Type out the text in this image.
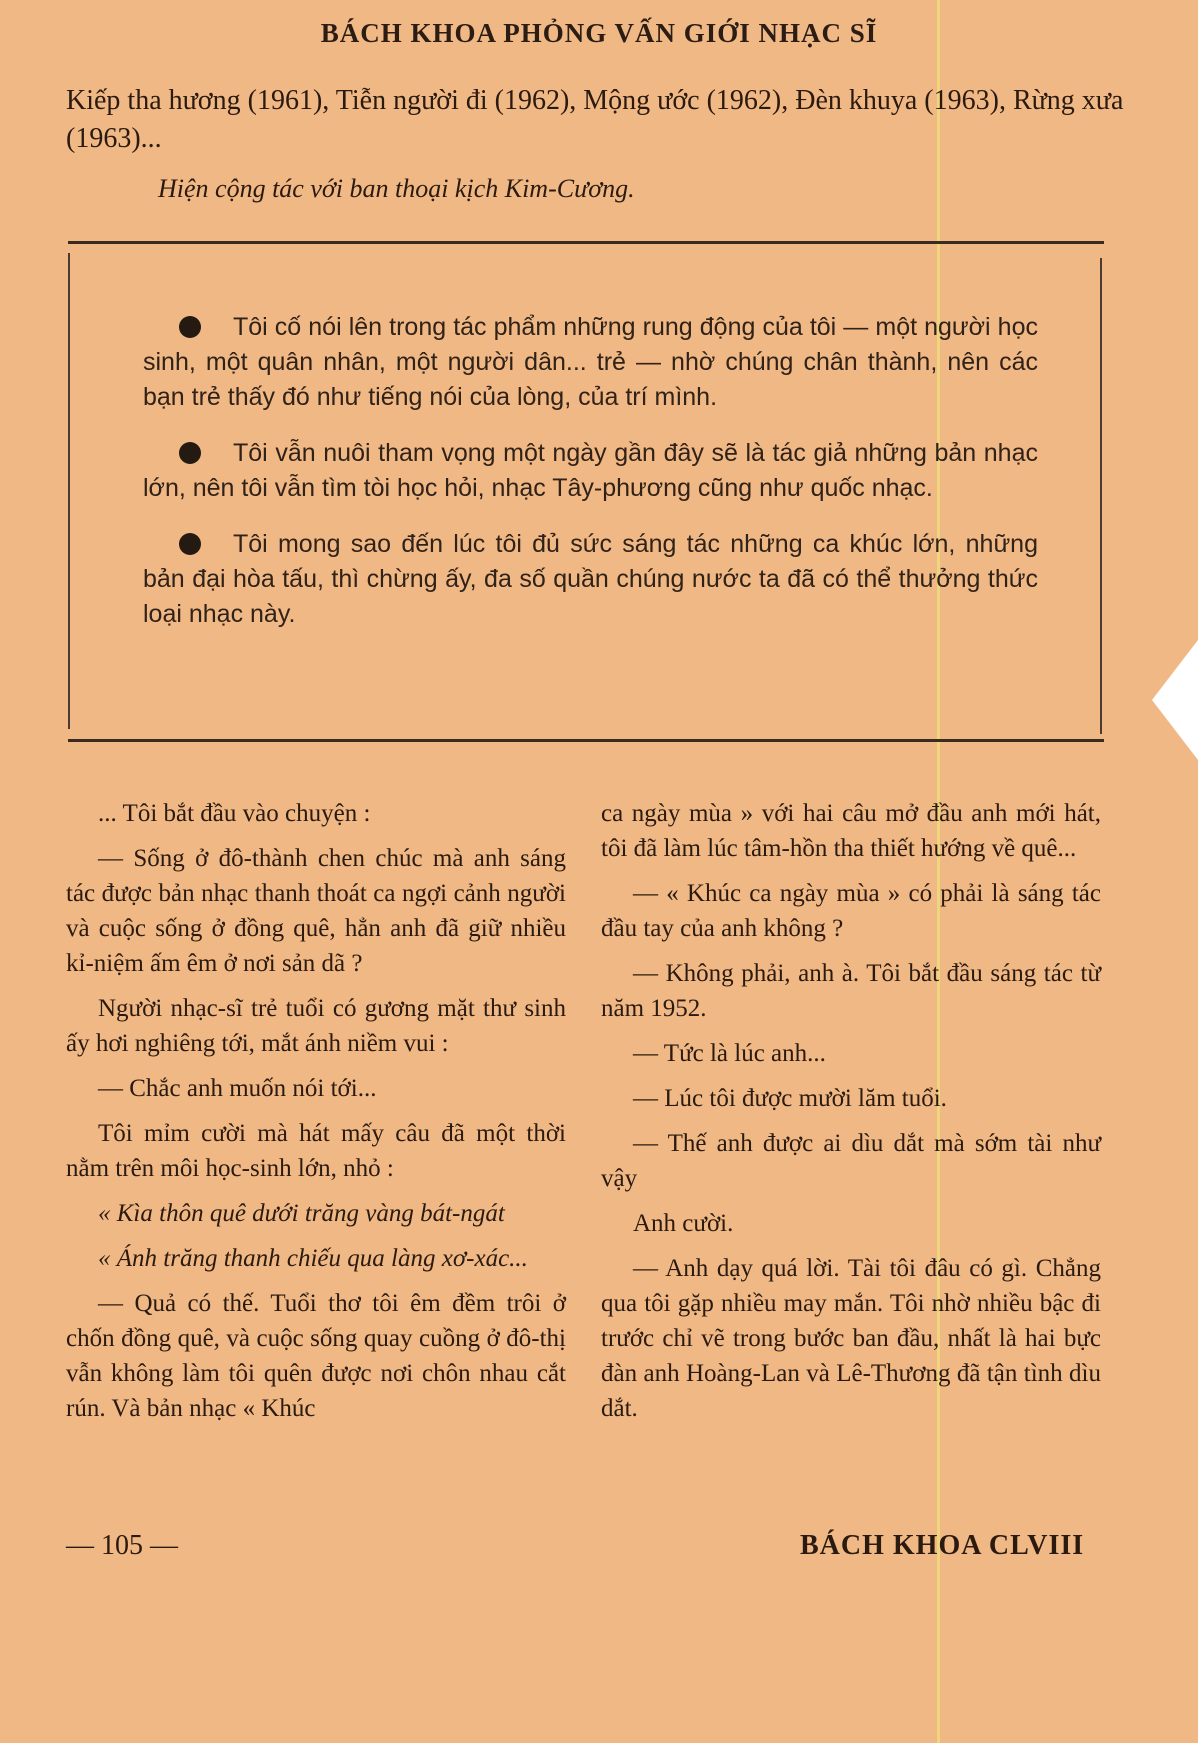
BÁCH KHOA PHỎNG VẤN GIỚI NHẠC SĨ

Kiếp tha hương (1961), Tiễn người đi (1962), Mộng ước (1962), Đèn khuya (1963), Rừng xưa (1963)...

Hiện cộng tác với ban thoại kịch Kim-Cương.

Tôi cố nói lên trong tác phẩm những rung động của tôi — một người học sinh, một quân nhân, một người dân... trẻ — nhờ chúng chân thành, nên các bạn trẻ thấy đó như tiếng nói của lòng, của trí mình.

Tôi vẫn nuôi tham vọng một ngày gần đây sẽ là tác giả những bản nhạc lớn, nên tôi vẫn tìm tòi học hỏi, nhạc Tây-phương cũng như quốc nhạc.

Tôi mong sao đến lúc tôi đủ sức sáng tác những ca khúc lớn, những bản đại hòa tấu, thì chừng ấy, đa số quần chúng nước ta đã có thể thưởng thức loại nhạc này.

... Tôi bắt đầu vào chuyện :

— Sống ở đô-thành chen chúc mà anh sáng tác được bản nhạc thanh thoát ca ngợi cảnh người và cuộc sống ở đồng quê, hẳn anh đã giữ nhiều kỉ-niệm ấm êm ở nơi sản dã ?

Người nhạc-sĩ trẻ tuổi có gương mặt thư sinh ấy hơi nghiêng tới, mắt ánh niềm vui :

— Chắc anh muốn nói tới...

Tôi mỉm cười mà hát mấy câu đã một thời nằm trên môi học-sinh lớn, nhỏ :

« Kìa thôn quê dưới trăng vàng bát-ngát

« Ánh trăng thanh chiếu qua làng xơ-xác...

— Quả có thế. Tuổi thơ tôi êm đềm trôi ở chốn đồng quê, và cuộc sống quay cuồng ở đô-thị vẫn không làm tôi quên được nơi chôn nhau cắt rún. Và bản nhạc « Khúc

ca ngày mùa » với hai câu mở đầu anh mới hát, tôi đã làm lúc tâm-hồn tha thiết hướng về quê...

— « Khúc ca ngày mùa » có phải là sáng tác đầu tay của anh không ?

— Không phải, anh à. Tôi bắt đầu sáng tác từ năm 1952.

— Tức là lúc anh...

— Lúc tôi được mười lăm tuổi.

— Thế anh được ai dìu dắt mà sớm tài như vậy

Anh cười.

— Anh dạy quá lời. Tài tôi đâu có gì. Chẳng qua tôi gặp nhiều may mắn. Tôi nhờ nhiều bậc đi trước chỉ vẽ trong bước ban đầu, nhất là hai bực đàn anh Hoàng-Lan và Lê-Thương đã tận tình dìu dắt.

— 105 —	BÁCH KHOA CLVIII
